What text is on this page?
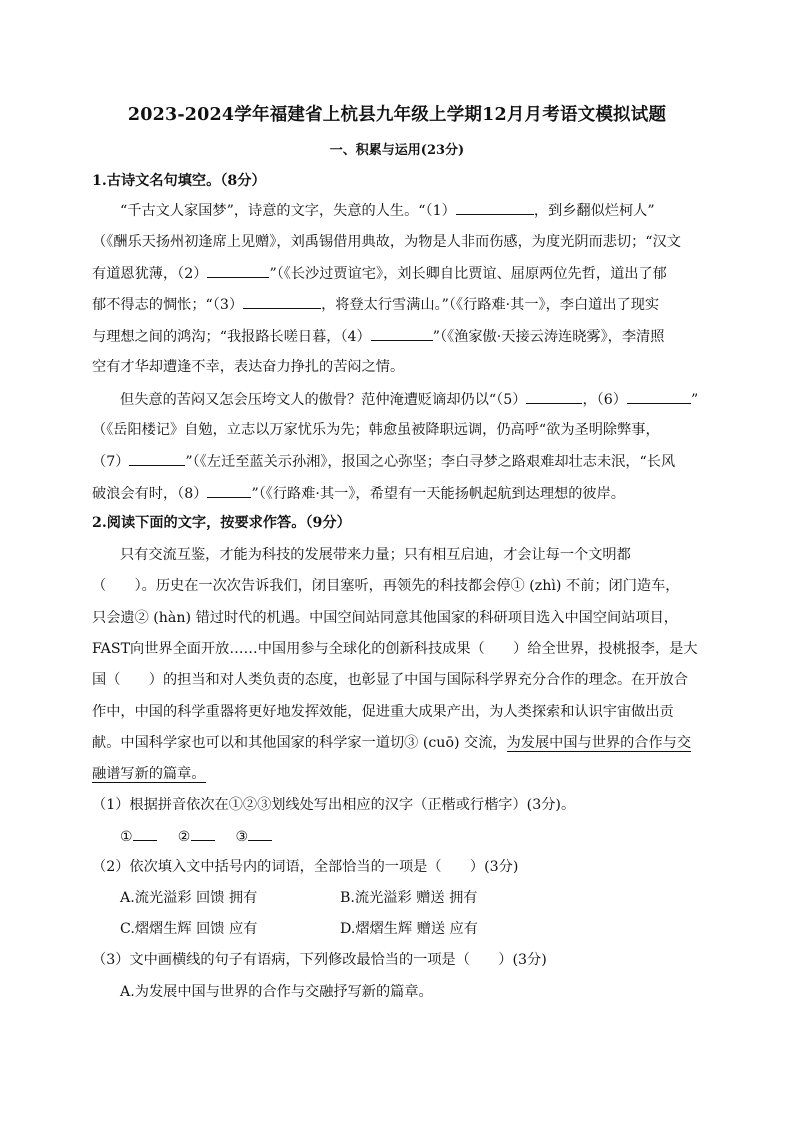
2023-2024学年福建省上杭县九年级上学期12月月考语文模拟试题
一、积累与运用(23分)
1.古诗文名句填空。（8分）
“千古文人家国梦”，诗意的文字，失意的人生。“（1）	，到乡翻似烂柯人”
（《酬乐天扬州初逢席上见赠》，刘禹锡借用典故，为物是人非而伤感，为度光阴而悲切；“汉文
有道恩犹薄，（2）	”（《长沙过贾谊宅》，刘长卿自比贾谊、屈原两位先哲，道出了郁
郁不得志的惆怅；“（3）	，将登太行雪满山。”（《行路难·其一》，李白道出了现实
与理想之间的鸿沟；“我报路长嗟日暮，（4）	”（《渔家傲·天接云涛连晓雾》，李清照
空有才华却遭逢不幸，表达奋力挣扎的苦闷之情。
但失意的苦闷又怎会压垮文人的傲骨？范仲淹遭贬谪却仍以“（5）	，（6）	”
（《岳阳楼记》自勉，立志以万家忧乐为先；韩愈虽被降职远调，仍高呼“欲为圣明除弊事，
（7）	”（《左迁至蓝关示孙湘》，报国之心弥坚；李白寻梦之路艰难却壮志未泯，“长风
破浪会有时，（8）	”（《行路难·其一》，希望有一天能扬帆起航到达理想的彼岸。
2.阅读下面的文字，按要求作答。（9分）
只有交流互鉴，才能为科技的发展带来力量；只有相互启迪，才会让每一个文明都
（　　）。历史在一次次告诉我们，闭目塞听，再领先的科技都会停① (zhì) 不前；闭门造车，
只会遗② (hàn) 错过时代的机遇。中国空间站同意其他国家的科研项目选入中国空间站项目，
FAST向世界全面开放……中国用参与全球化的创新科技成果（　　）给全世界，投桃报李，是大
国（　　）的担当和对人类负责的态度，也彰显了中国与国际科学界充分合作的理念。在开放合
作中，中国的科学重器将更好地发挥效能，促进重大成果产出，为人类探索和认识宇宙做出贡
献。中国科学家也可以和其他国家的科学家一道切③ (cuō) 交流，为发展中国与世界的合作与交
融谱写新的篇章。
（1）根据拼音依次在①②③划线处写出相应的汉字（正楷或行楷字）(3分)。
①	②	③
（2）依次填入文中括号内的词语，全部恰当的一项是（　　）(3分)
A.流光溢彩 回馈 拥有	B.流光溢彩 赠送 拥有
C.熠熠生辉 回馈 应有	D.熠熠生辉 赠送 应有
（3）文中画横线的句子有语病，下列修改最恰当的一项是（　　）(3分)
A.为发展中国与世界的合作与交融抒写新的篇章。
